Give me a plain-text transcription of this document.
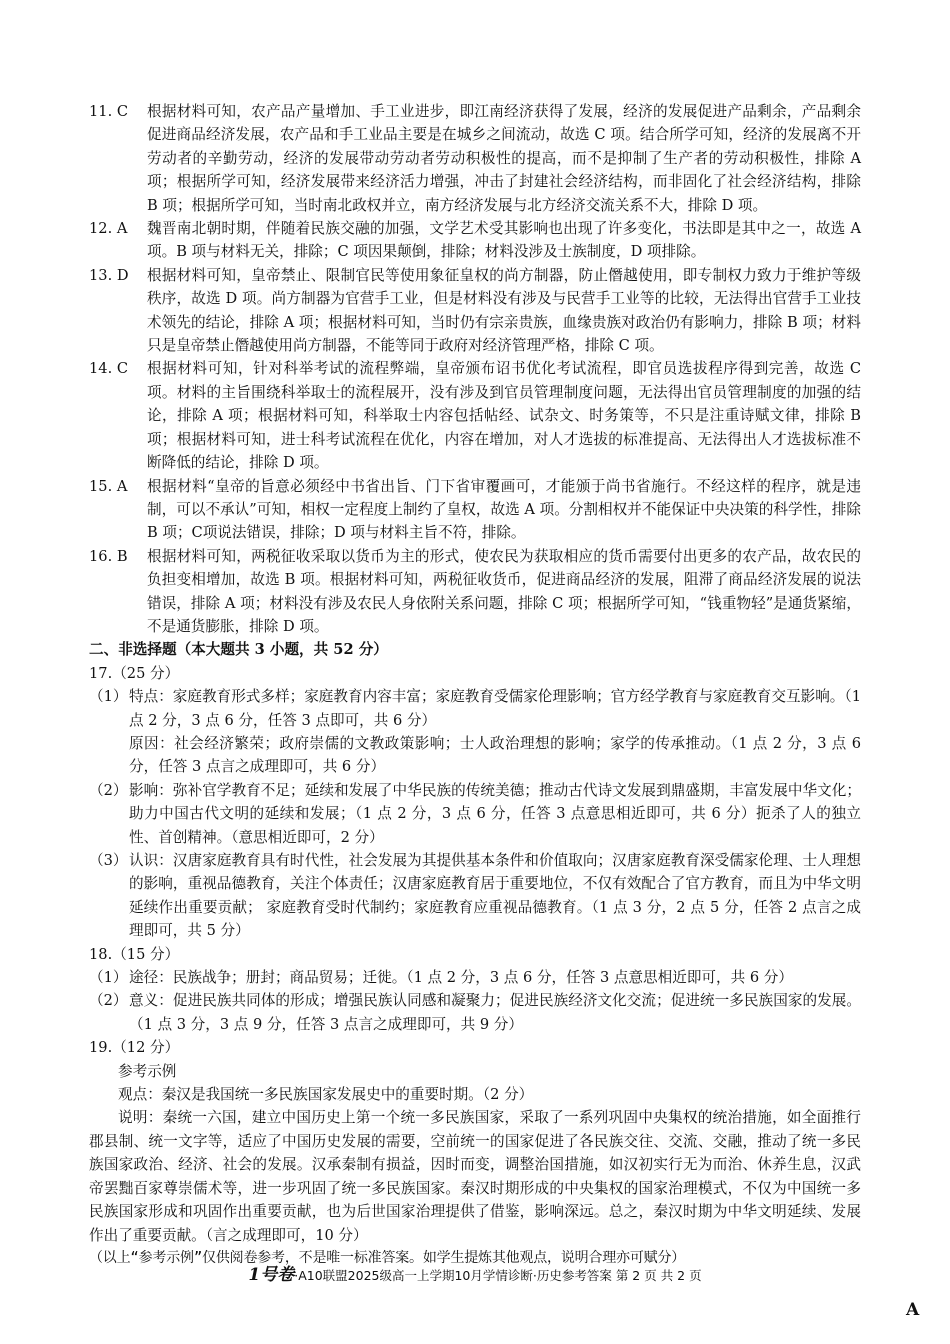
11. C	根据材料可知，农产品产量增加、手工业进步，即江南经济获得了发展，经济的发展促进产品剩余，产品剩余促进商品经济发展，农产品和手工业品主要是在城乡之间流动，故选 C 项。结合所学可知，经济的发展离不开劳动者的辛勤劳动，经济的发展带动劳动者劳动积极性的提高，而不是抑制了生产者的劳动积极性，排除 A 项；根据所学可知，经济发展带来经济活力增强，冲击了封建社会经济结构，而非固化了社会经济结构，排除 B 项；根据所学可知，当时南北政权并立，南方经济发展与北方经济交流关系不大，排除 D 项。
12. A	魏晋南北朝时期，伴随着民族交融的加强，文学艺术受其影响也出现了许多变化，书法即是其中之一，故选 A 项。B 项与材料无关，排除；C 项因果颠倒，排除；材料没涉及士族制度，D 项排除。
13. D	根据材料可知，皇帝禁止、限制官民等使用象征皇权的尚方制器，防止僭越使用，即专制权力致力于维护等级秩序，故选 D 项。尚方制器为官营手工业，但是材料没有涉及与民营手工业等的比较，无法得出官营手工业技术领先的结论，排除 A 项；根据材料可知，当时仍有宗亲贵族，血缘贵族对政治仍有影响力，排除 B 项；材料只是皇帝禁止僭越使用尚方制器，不能等同于政府对经济管理严格，排除 C 项。
14. C	根据材料可知，针对科举考试的流程弊端，皇帝颁布诏书优化考试流程，即官员选拔程序得到完善，故选 C 项。材料的主旨围绕科举取士的流程展开，没有涉及到官员管理制度问题，无法得出官员管理制度的加强的结论，排除 A 项；根据材料可知，科举取士内容包括帖经、试杂文、时务策等，不只是注重诗赋文律，排除 B 项；根据材料可知，进士科考试流程在优化，内容在增加，对人才选拔的标准提高、无法得出人才选拔标准不断降低的结论，排除 D 项。
15. A	根据材料“皇帝的旨意必须经中书省出旨、门下省审覆画可，才能颁于尚书省施行。不经这样的程序，就是违制，可以不承认”可知，相权一定程度上制约了皇权，故选 A 项。分割相权并不能保证中央决策的科学性，排除 B 项；C项说法错误，排除；D 项与材料主旨不符，排除。
16. B	根据材料可知，两税征收采取以货币为主的形式，使农民为获取相应的货币需要付出更多的农产品，故农民的负担变相增加，故选 B 项。根据材料可知，两税征收货币，促进商品经济的发展，阻滞了商品经济发展的说法错误，排除 A 项；材料没有涉及农民人身依附关系问题，排除 C 项；根据所学可知，“钱重物轻”是通货紧缩，不是通货膨胀，排除 D 项。
二、非选择题（本大题共 3 小题，共 52 分）
17.（25 分）
（1） 特点：家庭教育形式多样；家庭教育内容丰富；家庭教育受儒家伦理影响；官方经学教育与家庭教育交互影响。（1 点 2 分，3 点 6 分，任答 3 点即可，共 6 分）
原因：社会经济繁荣；政府崇儒的文教政策影响；士人政治理想的影响；家学的传承推动。（1 点 2 分，3 点 6 分，任答 3 点言之成理即可，共 6 分）
（2） 影响：弥补官学教育不足；延续和发展了中华民族的传统美德；推动古代诗文发展到鼎盛期，丰富发展中华文化；助力中国古代文明的延续和发展；（1 点 2 分，3 点 6 分，任答 3 点意思相近即可，共 6 分）扼杀了人的独立性、首创精神。（意思相近即可，2 分）
（3） 认识：汉唐家庭教育具有时代性，社会发展为其提供基本条件和价值取向；汉唐家庭教育深受儒家伦理、士人理想的影响，重视品德教育，关注个体责任；汉唐家庭教育居于重要地位，不仅有效配合了官方教育，而且为中华文明延续作出重要贡献； 家庭教育受时代制约；家庭教育应重视品德教育。（1 点 3 分，2 点 5 分，任答 2 点言之成理即可，共 5 分）
18.（15 分）
（1） 途径：民族战争；册封；商品贸易；迁徙。（1 点 2 分，3 点 6 分，任答 3 点意思相近即可，共 6 分）
（2） 意义：促进民族共同体的形成；增强民族认同感和凝聚力；促进民族经济文化交流；促进统一多民族国家的发展。（1 点 3 分，3 点 9 分，任答 3 点言之成理即可，共 9 分）
19.（12 分）
参考示例
观点：秦汉是我国统一多民族国家发展史中的重要时期。（2 分）
说明：秦统一六国，建立中国历史上第一个统一多民族国家，采取了一系列巩固中央集权的统治措施，如全面推行郡县制、统一文字等，适应了中国历史发展的需要，空前统一的国家促进了各民族交往、交流、交融，推动了统一多民族国家政治、经济、社会的发展。汉承秦制有损益，因时而变，调整治国措施，如汉初实行无为而治、休养生息，汉武帝罢黜百家尊崇儒术等，进一步巩固了统一多民族国家。秦汉时期形成的中央集权的国家治理模式，不仅为中国统一多民族国家形成和巩固作出重要贡献，也为后世国家治理提供了借鉴，影响深远。总之，秦汉时期为中华文明延续、发展作出了重要贡献。（言之成理即可，10 分）
（以上“参考示例”仅供阅卷参考，不是唯一标准答案。如学生提炼其他观点，说明合理亦可赋分）
1号卷·A10联盟2025级高一上学期10月学情诊断·历史参考答案 第 2 页 共 2 页
A
